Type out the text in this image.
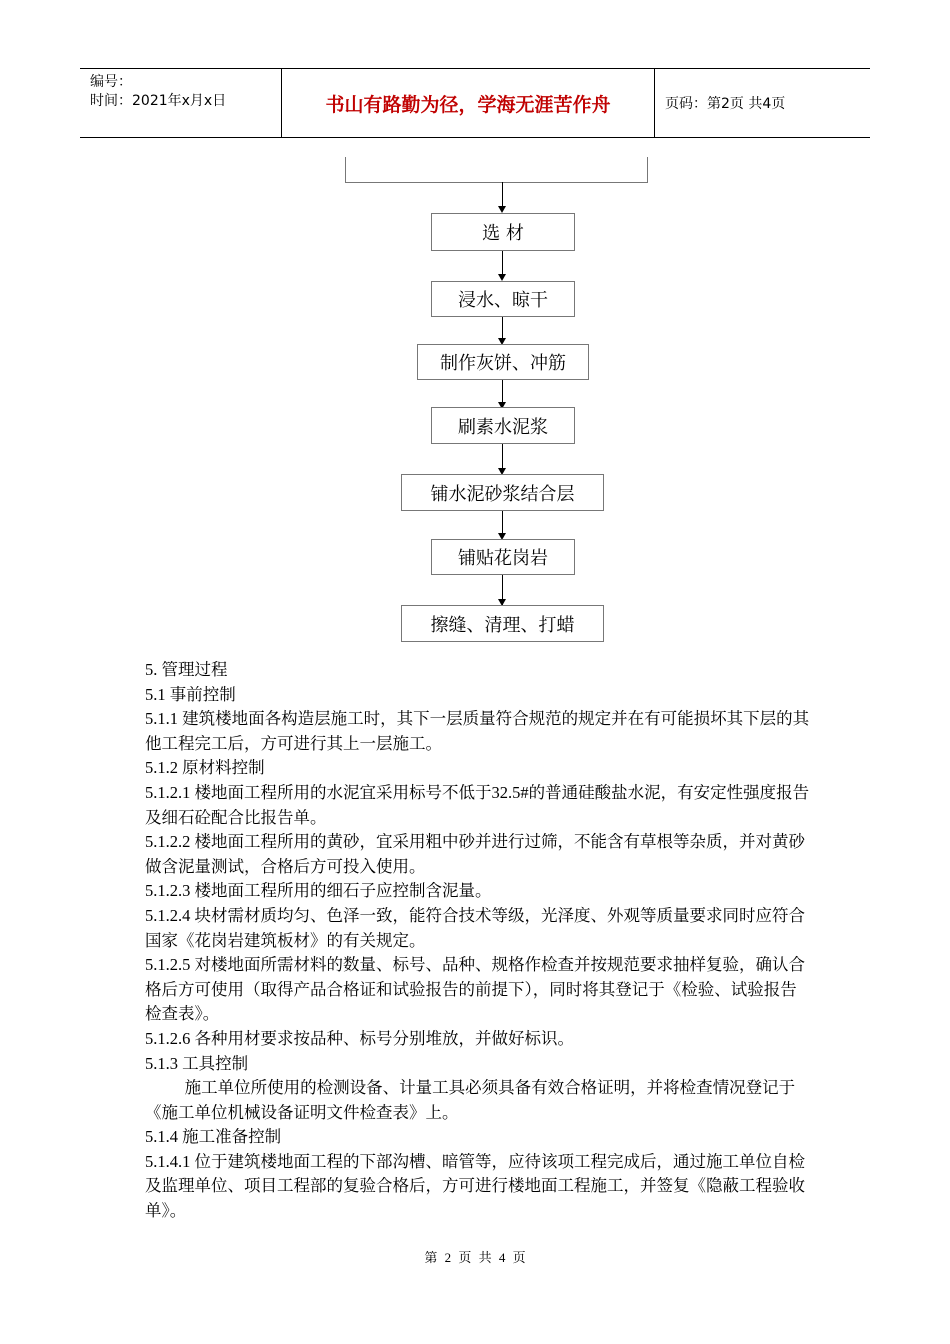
编号：
时间：2021年x月x日	书山有路勤为径，学海无涯苦作舟	页码：第2页 共4页
选 材
浸水、晾干
制作灰饼、冲筋
刷素水泥浆
铺水泥砂浆结合层
铺贴花岗岩
擦缝、清理、打蜡

5. 管理过程

5.1 事前控制

5.1.1 建筑楼地面各构造层施工时，其下一层质量符合规范的规定并在有可能损坏其下层的其他工程完工后，方可进行其上一层施工。

5.1.2 原材料控制

5.1.2.1 楼地面工程所用的水泥宜采用标号不低于32.5#的普通硅酸盐水泥，有安定性强度报告及细石砼配合比报告单。

5.1.2.2 楼地面工程所用的黄砂，宜采用粗中砂并进行过筛，不能含有草根等杂质，并对黄砂做含泥量测试，合格后方可投入使用。

5.1.2.3 楼地面工程所用的细石子应控制含泥量。

5.1.2.4 块材需材质均匀、色泽一致，能符合技术等级，光泽度、外观等质量要求同时应符合国家《花岗岩建筑板材》的有关规定。

5.1.2.5 对楼地面所需材料的数量、标号、品种、规格作检查并按规范要求抽样复验，确认合格后方可使用（取得产品合格证和试验报告的前提下），同时将其登记于《检验、试验报告检查表》。

5.1.2.6 各种用材要求按品种、标号分别堆放，并做好标识。

5.1.3 工具控制

施工单位所使用的检测设备、计量工具必须具备有效合格证明，并将检查情况登记于《施工单位机械设备证明文件检查表》上。

5.1.4 施工准备控制

5.1.4.1 位于建筑楼地面工程的下部沟槽、暗管等，应待该项工程完成后，通过施工单位自检及监理单位、项目工程部的复验合格后，方可进行楼地面工程施工，并签复《隐蔽工程验收单》。

第 2 页 共 4 页
